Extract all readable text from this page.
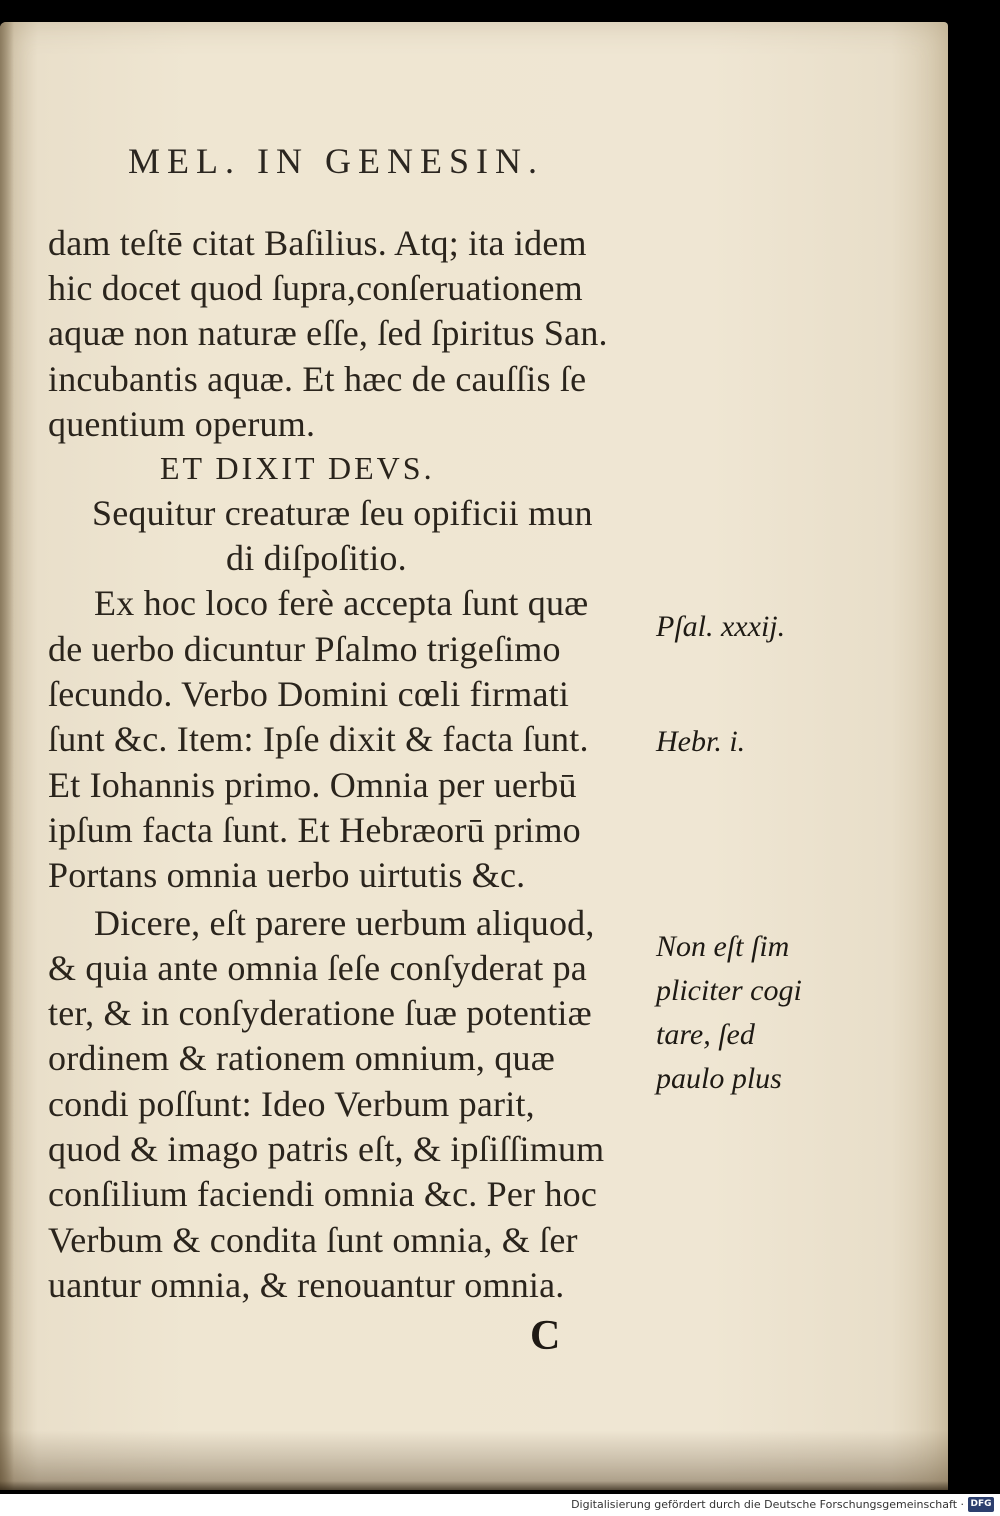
MEL. IN GENESIN.

dam teſtē citat Baſilius. Atq; ita idem

hic docet quod ſupra,conſeruationem

aquæ non naturæ eſſe, ſed ſpiritus San.

incubantis aquæ. Et hæc de cauſſis ſe

quentium operum.

ET DIXIT DEVS.

Sequitur creaturæ ſeu opificii mun

di diſpoſitio.

Ex hoc loco ferè accepta ſunt quæ

de uerbo dicuntur Pſalmo trigeſimo

ſecundo. Verbo Domini cœli firmati

ſunt &c. Item: Ipſe dixit & facta ſunt.

Et Iohannis primo. Omnia per uerbū

ipſum facta ſunt. Et Hebræorū primo

Portans omnia uerbo uirtutis &c.

Dicere, eſt parere uerbum aliquod,

& quia ante omnia ſeſe conſyderat pa

ter, & in conſyderatione ſuæ potentiæ

ordinem & rationem omnium, quæ

condi poſſunt: Ideo Verbum parit,

quod & imago patris eſt, & ipſiſſimum

conſilium faciendi omnia &c. Per hoc

Verbum & condita ſunt omnia, & ſer

uantur omnia, & renouantur omnia.

Pſal. xxxij.

Hebr. i.

Non eſt ſim

pliciter cogi

tare, ſed

paulo plus

C
Digitalisierung gefördert durch die Deutsche Forschungsgemeinschaft · DFG
